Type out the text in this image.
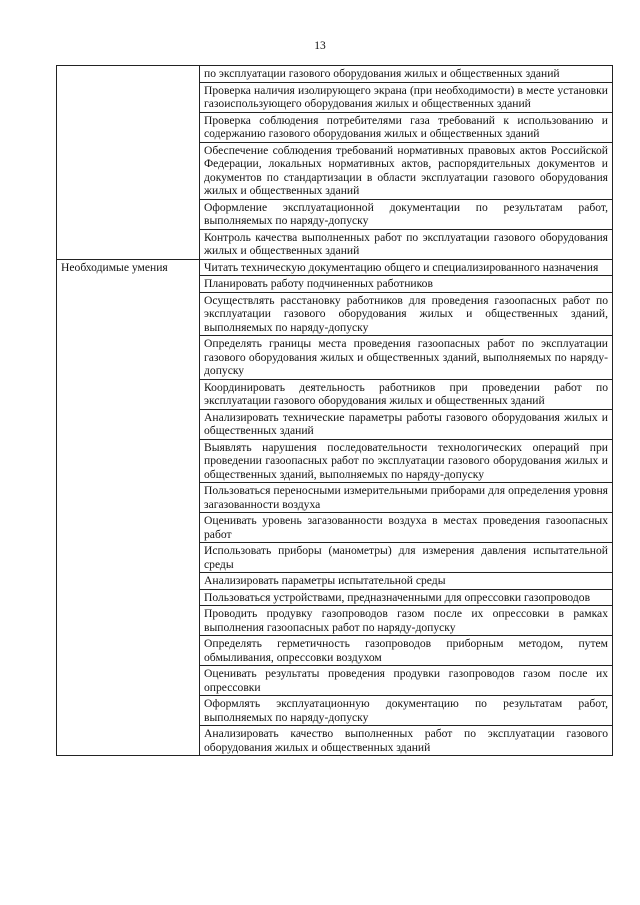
13
	по эксплуатации газового оборудования жилых и общественных зданий
	Проверка наличия изолирующего экрана (при необходимости) в месте установки газоиспользующего оборудования жилых и общественных зданий
	Проверка соблюдения потребителями газа требований к использованию и содержанию газового оборудования жилых и общественных зданий
	Обеспечение соблюдения требований нормативных правовых актов Российской Федерации, локальных нормативных актов, распорядительных документов и документов по стандартизации в области эксплуатации газового оборудования жилых и общественных зданий
	Оформление эксплуатационной документации по результатам работ, выполняемых по наряду-допуску
	Контроль качества выполненных работ по эксплуатации газового оборудования жилых и общественных зданий
Необходимые умения	Читать техническую документацию общего и специализированного назначения
	Планировать работу подчиненных работников
	Осуществлять расстановку работников для проведения газоопасных работ по эксплуатации газового оборудования жилых и общественных зданий, выполняемых по наряду-допуску
	Определять границы места проведения газоопасных работ по эксплуатации газового оборудования жилых и общественных зданий, выполняемых по наряду-допуску
	Координировать деятельность работников при проведении работ по эксплуатации газового оборудования жилых и общественных зданий
	Анализировать технические параметры работы газового оборудования жилых и общественных зданий
	Выявлять нарушения последовательности технологических операций при проведении газоопасных работ по эксплуатации газового оборудования жилых и общественных зданий, выполняемых по наряду-допуску
	Пользоваться переносными измерительными приборами для определения уровня загазованности воздуха
	Оценивать уровень загазованности воздуха в местах проведения газоопасных работ
	Использовать приборы (манометры) для измерения давления испытательной среды
	Анализировать параметры испытательной среды
	Пользоваться устройствами, предназначенными для опрессовки газопроводов
	Проводить продувку газопроводов газом после их опрессовки в рамках выполнения газоопасных работ по наряду-допуску
	Определять герметичность газопроводов приборным методом, путем обмыливания, опрессовки воздухом
	Оценивать результаты проведения продувки газопроводов газом после их опрессовки
	Оформлять эксплуатационную документацию по результатам работ, выполняемых по наряду-допуску
	Анализировать качество выполненных работ по эксплуатации газового оборудования жилых и общественных зданий
